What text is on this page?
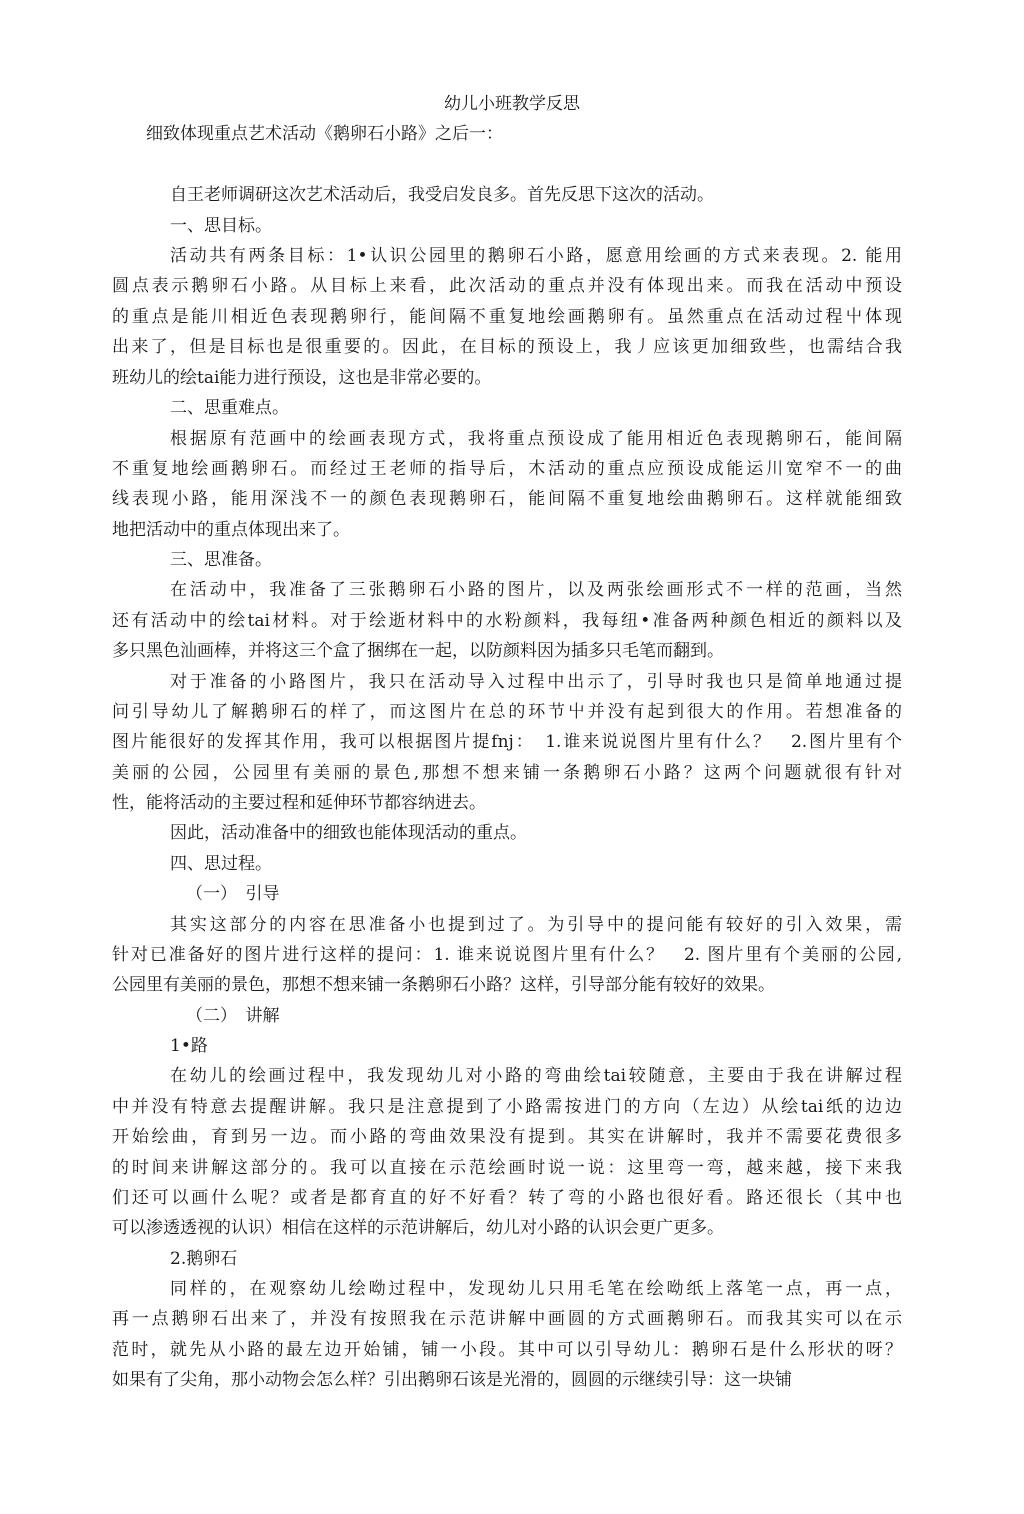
幼儿小班教学反思
细致体现重点艺术活动《鹅卵石小路》之后一：
自王老师调研这次艺术活动后，我受启发良多。首先反思下这次的活动。
一、思目标。
活动共有两条目标：1•认识公园里的鹅卵石小路，愿意用绘画的方式来表现。2. 能用
圆点表示鹅卵石小路。从目标上来看，此次活动的重点并没有体现出来。而我在活动中预设
的重点是能川相近色表现鹅卵行，能间隔不重复地绘画鹅卵有。虽然重点在活动过程屮体现
出来了，但是目标也是很重要的。因此，在目标的预设上，我丿应该更加细致些，也需结合我
班幼儿的绘tai能力进行预设，这也是非常必要的。
二、思重难点。
根据原有范画中的绘画表现方式，我将重点预设成了能用相近色表现鹅卵石，能间隔
不重复地绘画鹅卵石。而经过王老师的指导后，木活动的重点应预设成能运川宽窄不一的曲
线表现小路，能用深浅不一的颜色表现鹅卵石，能间隔不重复地绘曲鹅卵石。这样就能细致
地把活动中的重点体现出来了。
三、思准备。
在活动中，我准备了三张鹅卵石小路的图片，以及两张绘画形式不一样的范画，当然
还有活动中的绘tai材料。对于绘逝材料中的水粉颜料，我每纽•准备两种颜色相近的颜料以及
多只黑色汕画棒，并将这三个盒了捆绑在一起，以防颜料因为插多只毛笔而翻到。
对于准备的小路图片，我只在活动导入过程中出示了，引导时我也只是简单地通过提
问引导幼儿了解鹅卵石的样了，而这图片在总的环节屮并没有起到很大的作用。若想准备的
图片能很好的发挥其作用，我可以根据图片提fnj：　1.谁来说说图片里有什么？　2.图片里有个
美丽的公园，公园里有美丽的景色,那想不想来铺一条鹅卵石小路？这两个问题就很有针对
性，能将活动的主要过程和延伸环节都容纳进去。
因此，活动准备中的细致也能体现活动的重点。
四、思过程。
（一）　引导
其实这部分的内容在思准备小也提到过了。为引导中的提问能有较好的引入效果，需
针对已准备好的图片进行这样的提问：1. 谁来说说图片里有什么？　2. 图片里有个美丽的公园,
公园里有美丽的景色，那想不想来铺一条鹅卵石小路？这样，引导部分能有较好的效果。
（二）　讲解
1•路
在幼儿的绘画过程中，我发现幼儿对小路的弯曲绘tai较随意，主要由于我在讲解过程
中并没有特意去提醒讲解。我只是注意提到了小路需按进门的方向（左边）从绘tai纸的边边
开始绘曲，育到另一边。而小路的弯曲效果没有提到。其实在讲解时，我并不需要花费很多
的时间来讲解这部分的。我可以直接在示范绘画时说一说：这里弯一弯，越来越，接下来我
们还可以画什么呢？或者是都育直的好不好看？转了弯的小路也很好看。路还很长（其中也
可以渗透透视的认识）相信在这样的示范讲解后，幼儿对小路的认识会更广更多。
2.鹅卵石
同样的，在观察幼儿绘呦过程中，发现幼儿只用毛笔在绘呦纸上落笔一点，再一点，
再一点鹅卵石出来了，并没有按照我在示范讲解中画圆的方式画鹅卵石。而我其实可以在示
范时，就先从小路的最左边开始铺，铺一小段。其中可以引导幼儿：鹅卵石是什么形状的呀？
如果有了尖角，那小动物会怎么样？引出鹅卵石该是光滑的，圆圆的示继续引导：这一块铺
